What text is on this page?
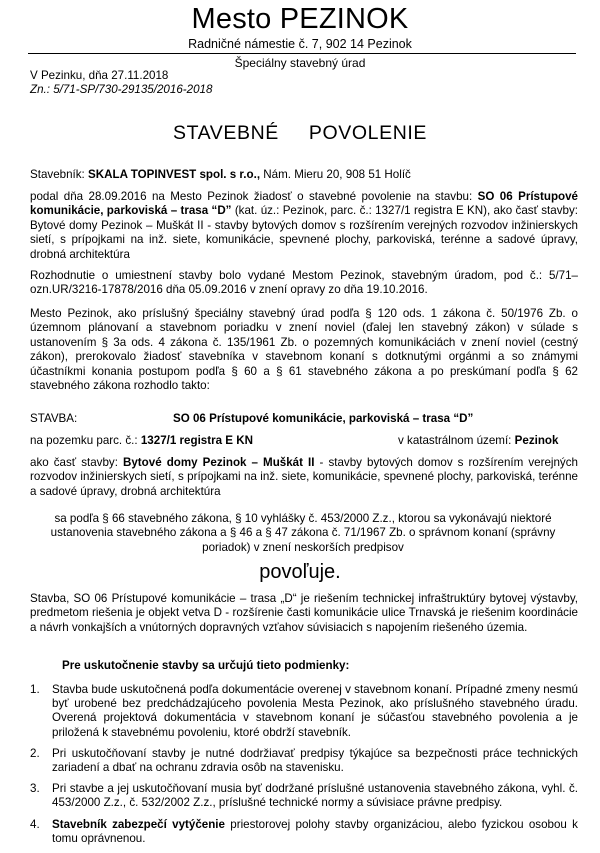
Mesto PEZINOK
Radničné námestie č. 7, 902 14 Pezinok
Špeciálny stavebný úrad
V Pezinku, dňa 27.11.2018
Zn.: 5/71-SP/730-29135/2016-2018
STAVEBNÉ POVOLENIE
Stavebník: SKALA TOPINVEST spol. s r.o., Nám. Mieru 20, 908 51 Holíč
podal dňa 28.09.2016 na Mesto Pezinok žiadosť o stavebné povolenie na stavbu: SO 06 Prístupové komunikácie, parkoviská – trasa “D” (kat. úz.: Pezinok, parc. č.: 1327/1 registra E KN), ako časť stavby: Bytové domy Pezinok – Muškát II - stavby bytových domov s rozšírením verejných rozvodov inžinierskych sietí, s prípojkami na inž. siete, komunikácie, spevnené plochy, parkoviská, terénne a sadové úpravy, drobná architektúra
Rozhodnutie o umiestnení stavby bolo vydané Mestom Pezinok, stavebným úradom, pod č.: 5/71–ozn.UR/3216-17878/2016 dňa 05.09.2016 v znení opravy zo dňa 19.10.2016.
Mesto Pezinok, ako príslušný špeciálny stavebný úrad podľa § 120 ods. 1 zákona č. 50/1976 Zb. o územnom plánovaní a stavebnom poriadku v znení noviel (ďalej len stavebný zákon) v súlade s ustanovením § 3a ods. 4 zákona č. 135/1961 Zb. o pozemných komunikáciách v znení noviel (cestný zákon), prerokovalo žiadosť stavebníka v stavebnom konaní s dotknutými orgánmi a so známymi účastníkmi konania postupom podľa § 60 a § 61 stavebného zákona a po preskúmaní podľa § 62 stavebného zákona rozhodlo takto:
STAVBA:	SO 06 Prístupové komunikácie, parkoviská – trasa “D”
na pozemku parc. č.: 1327/1 registra E KN	v katastrálnom území: Pezinok
ako časť stavby: Bytové domy Pezinok – Muškát II - stavby bytových domov s rozšírením verejných rozvodov inžinierskych sietí, s prípojkami na inž. siete, komunikácie, spevnené plochy, parkoviská, terénne a sadové úpravy, drobná architektúra
sa podľa § 66 stavebného zákona, § 10 vyhlášky č. 453/2000 Z.z., ktorou sa vykonávajú niektoré ustanovenia stavebného zákona a § 46 a § 47 zákona č. 71/1967 Zb. o správnom konaní (správny poriadok) v znení neskorších predpisov
povoľuje.
Stavba, SO 06 Prístupové komunikácie – trasa „D“ je riešením technickej infraštruktúry bytovej výstavby, predmetom riešenia je objekt vetva D - rozšírenie časti komunikácie ulice Trnavská je riešenim koordinácie a návrh vonkajších a vnútorných dopravných vzťahov súvisiacich s napojením riešeného územia.
Pre uskutočnenie stavby sa určujú tieto podmienky:
1. Stavba bude uskutočnená podľa dokumentácie overenej v stavebnom konaní. Prípadné zmeny nesmú byť urobené bez predchádzajúceho povolenia Mesta Pezinok, ako príslušného stavebného úradu. Overená projektová dokumentácia v stavebnom konaní je súčasťou stavebného povolenia a je priložená k stavebnému povoleniu, ktoré obdrží stavebník.
2. Pri uskutočňovaní stavby je nutné dodržiavať predpisy týkajúce sa bezpečnosti práce technických zariadení a dbať na ochranu zdravia osôb na stavenisku.
3. Pri stavbe a jej uskutočňovaní musia byť dodržané príslušné ustanovenia stavebného zákona, vyhl. č. 453/2000 Z.z., č. 532/2002 Z.z., príslušné technické normy a súvisiace právne predpisy.
4. Stavebník zabezpečí vytýčenie priestorovej polohy stavby organizáciou, alebo fyzickou osobou k tomu oprávnenou.
